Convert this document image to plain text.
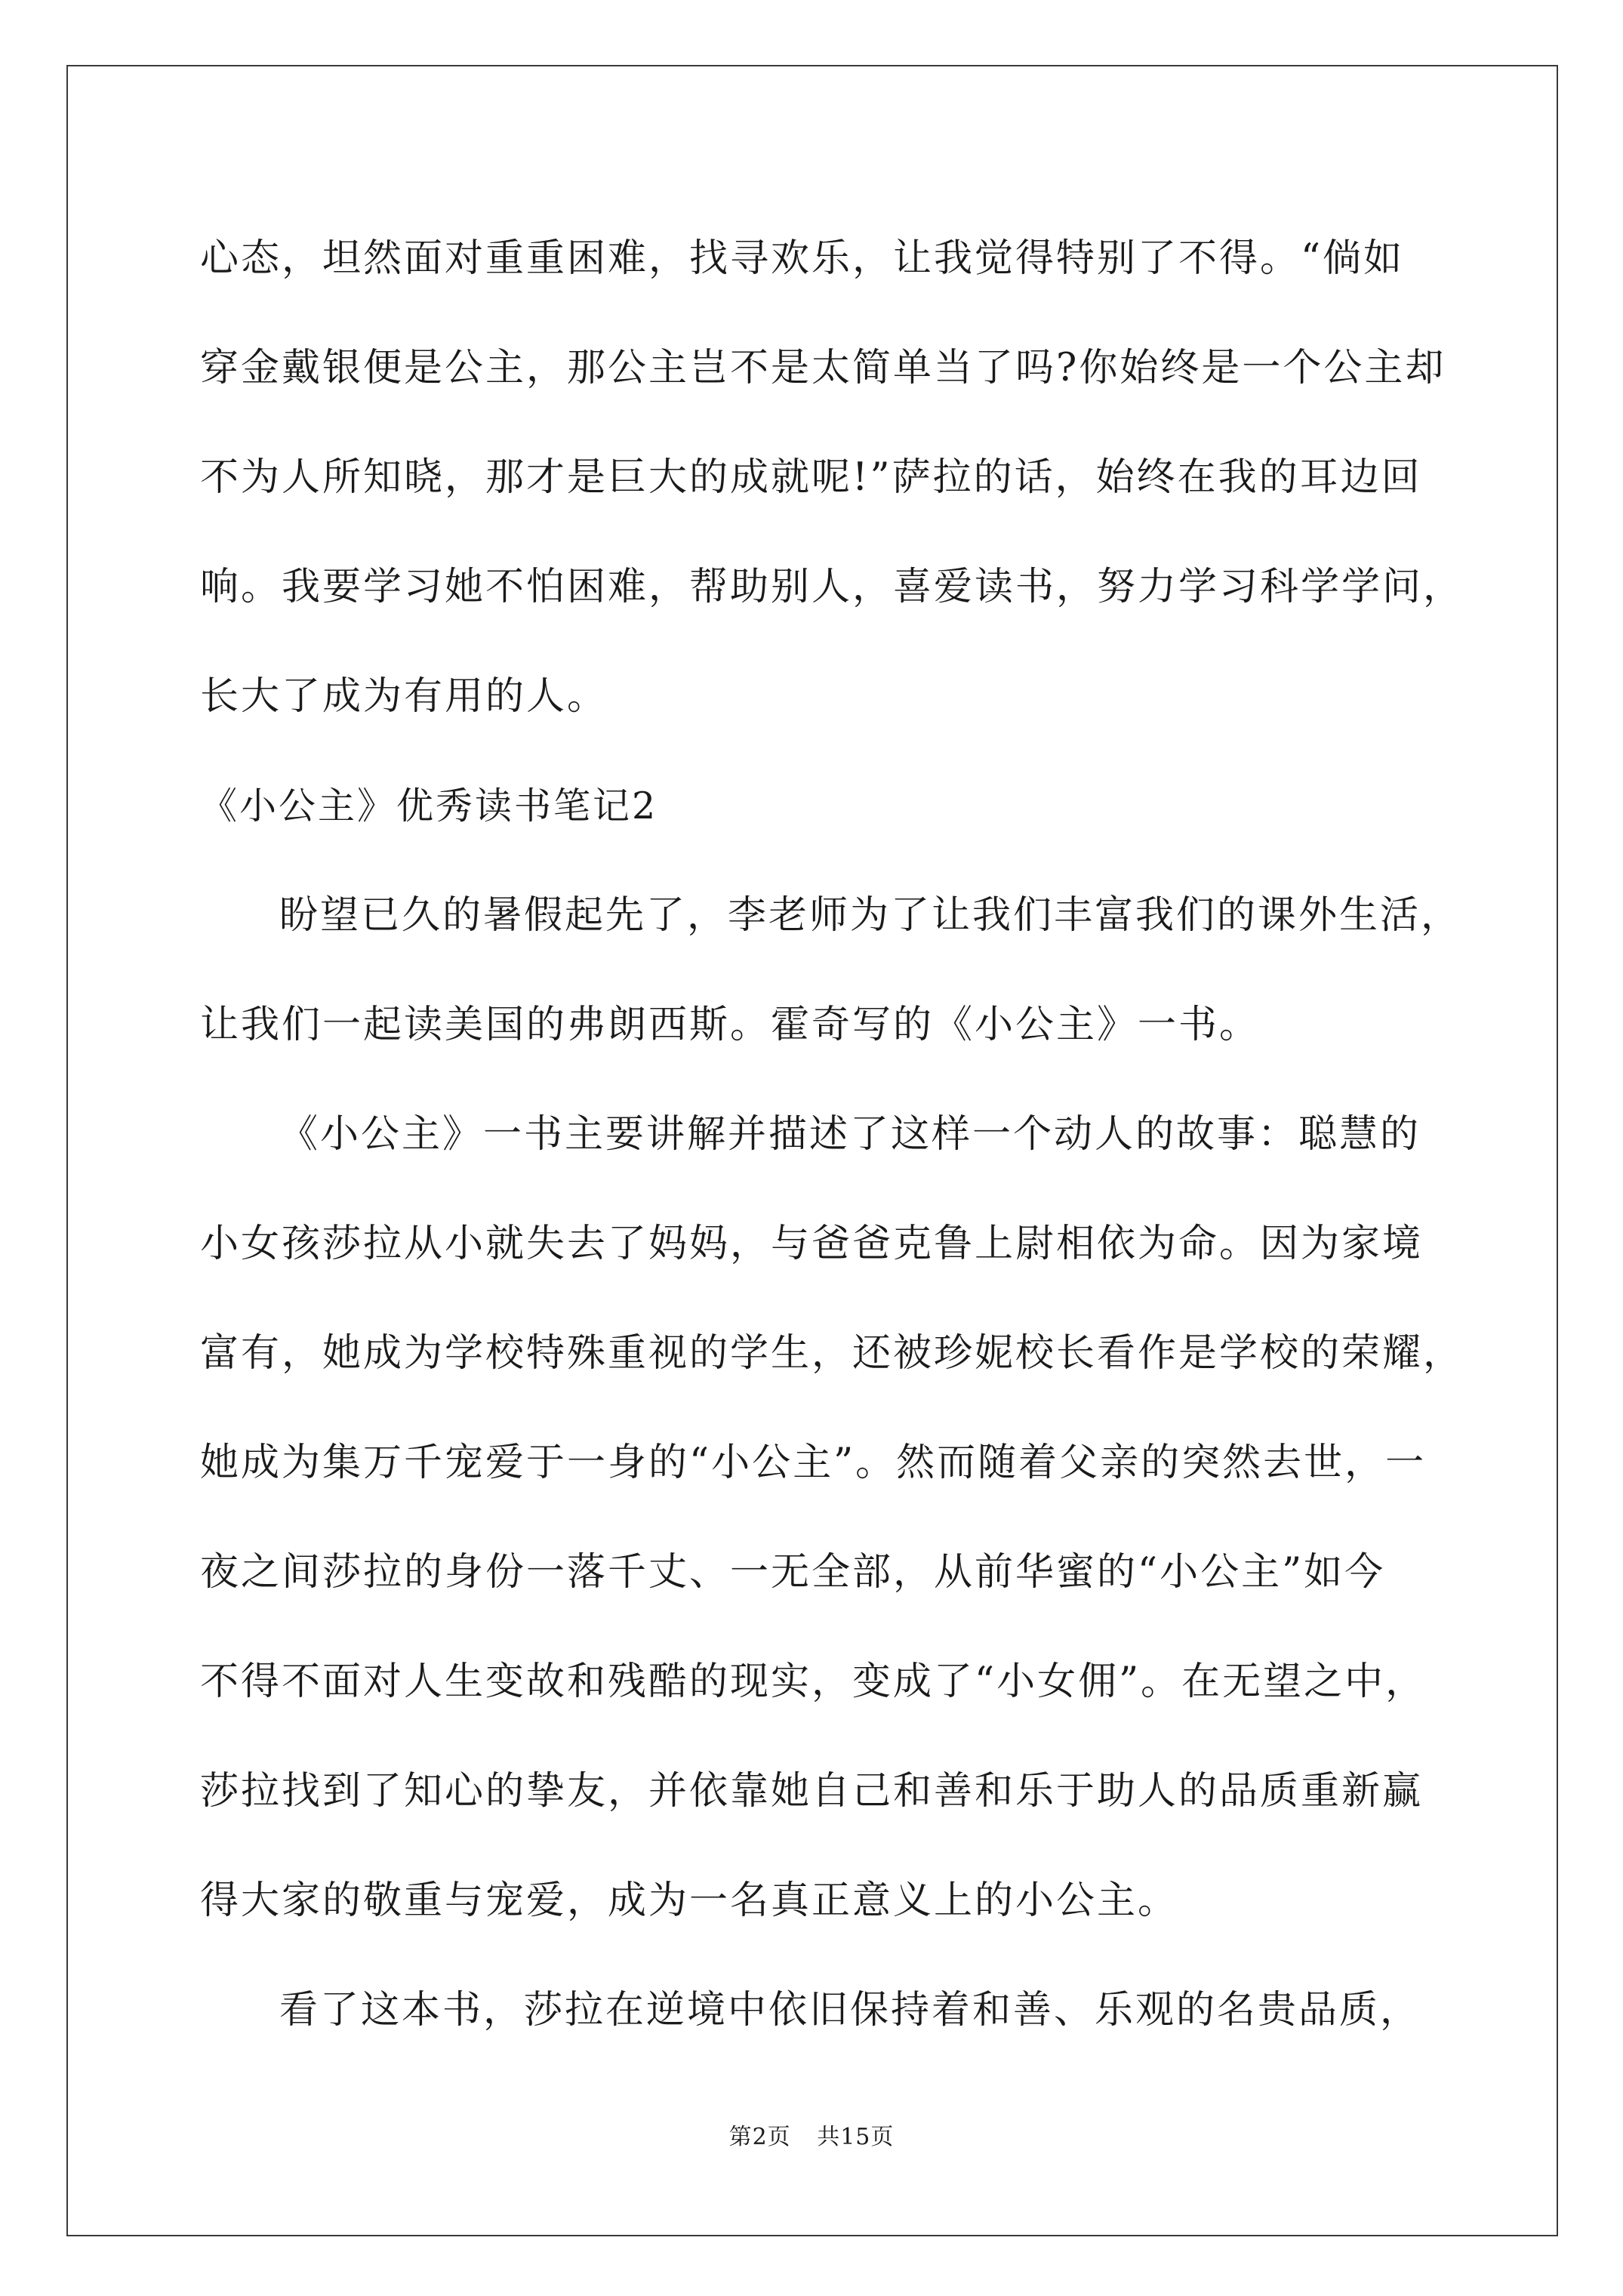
心态，坦然面对重重困难，找寻欢乐，让我觉得特别了不得。“倘如
穿金戴银便是公主，那公主岂不是太简单当了吗?你始终是一个公主却
不为人所知晓，那才是巨大的成就呢!”萨拉的话，始终在我的耳边回
响。我要学习她不怕困难，帮助别人，喜爱读书，努力学习科学学问，
长大了成为有用的人。
《小公主》优秀读书笔记2
盼望已久的暑假起先了，李老师为了让我们丰富我们的课外生活，
让我们一起读美国的弗朗西斯。霍奇写的《小公主》一书。
《小公主》一书主要讲解并描述了这样一个动人的故事：聪慧的
小女孩莎拉从小就失去了妈妈，与爸爸克鲁上尉相依为命。因为家境
富有，她成为学校特殊重视的学生，还被珍妮校长看作是学校的荣耀，
她成为集万千宠爱于一身的“小公主”。然而随着父亲的突然去世，一
夜之间莎拉的身份一落千丈、一无全部，从前华蜜的“小公主”如今
不得不面对人生变故和残酷的现实，变成了“小女佣”。在无望之中，
莎拉找到了知心的挚友，并依靠她自己和善和乐于助人的品质重新赢
得大家的敬重与宠爱，成为一名真正意义上的小公主。
看了这本书，莎拉在逆境中依旧保持着和善、乐观的名贵品质，
第2页 共15页
